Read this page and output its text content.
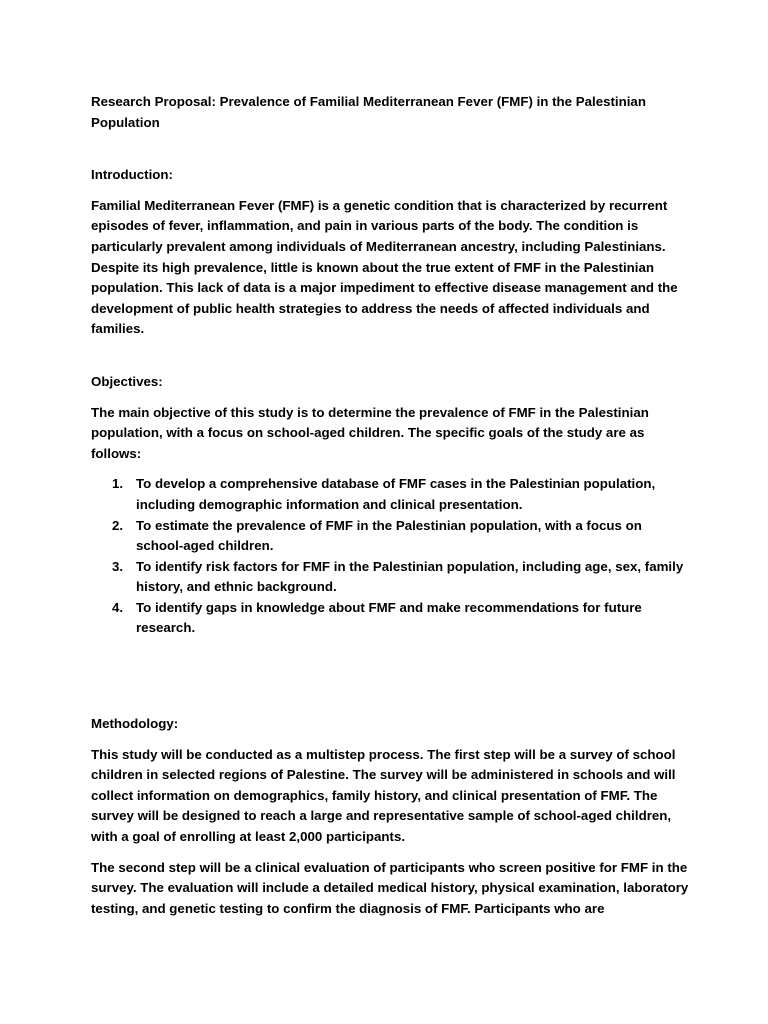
Research Proposal: Prevalence of Familial Mediterranean Fever (FMF) in the Palestinian Population

Introduction:

Familial Mediterranean Fever (FMF) is a genetic condition that is characterized by recurrent episodes of fever, inflammation, and pain in various parts of the body. The condition is particularly prevalent among individuals of Mediterranean ancestry, including Palestinians. Despite its high prevalence, little is known about the true extent of FMF in the Palestinian population. This lack of data is a major impediment to effective disease management and the development of public health strategies to address the needs of affected individuals and families.

Objectives:

The main objective of this study is to determine the prevalence of FMF in the Palestinian population, with a focus on school-aged children. The specific goals of the study are as follows:

1. To develop a comprehensive database of FMF cases in the Palestinian population, including demographic information and clinical presentation.
2. To estimate the prevalence of FMF in the Palestinian population, with a focus on school-aged children.
3. To identify risk factors for FMF in the Palestinian population, including age, sex, family history, and ethnic background.
4. To identify gaps in knowledge about FMF and make recommendations for future research.

Methodology:

This study will be conducted as a multistep process. The first step will be a survey of school children in selected regions of Palestine. The survey will be administered in schools and will collect information on demographics, family history, and clinical presentation of FMF. The survey will be designed to reach a large and representative sample of school-aged children, with a goal of enrolling at least 2,000 participants.

The second step will be a clinical evaluation of participants who screen positive for FMF in the survey. The evaluation will include a detailed medical history, physical examination, laboratory testing, and genetic testing to confirm the diagnosis of FMF. Participants who are
